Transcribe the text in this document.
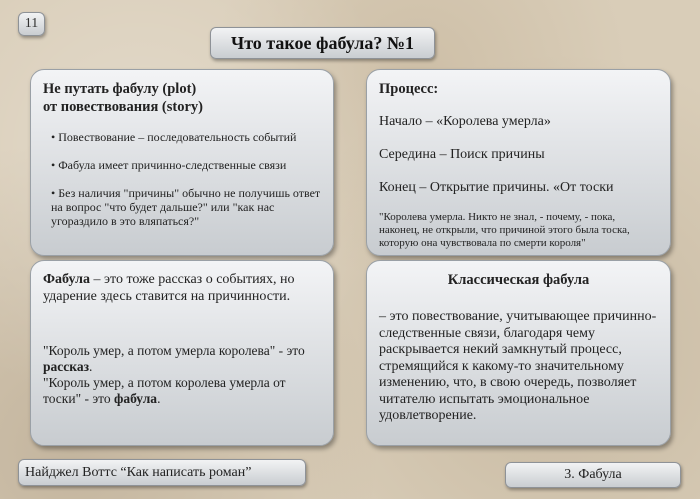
11
Что такое фабула? №1
Не путать фабулу (plot)
от повествования (story)
• Повествование – последовательность событий
• Фабула имеет причинно-следственные связи
• Без наличия "причины" обычно не получишь ответ на вопрос "что будет дальше?" или "как нас угораздило в это вляпаться?"
Процесс:
Начало – «Королева умерла»
Середина – Поиск причины
Конец – Открытие причины. «От тоски
"Королева умерла. Никто не знал, - почему, - пока, наконец, не открыли, что причиной этого была тоска, которую она чувствовала по смерти короля"

Фабула – это тоже рассказ о событиях, но ударение здесь ставится на причинности.

"Король умер, а потом умерла королева" - это рассказ.
"Король умер, а потом королева умерла от тоски" - это фабула.
Классическая фабула
– это повествование, учитывающее причинно-следственные связи, благодаря чему раскрывается некий замкнутый процесс, стремящийся к какому-то значительному изменению, что, в свою очередь, позволяет читателю испытать эмоциональное удовлетворение.
Найджел Воттс “Как написать роман”	3. Фабула
